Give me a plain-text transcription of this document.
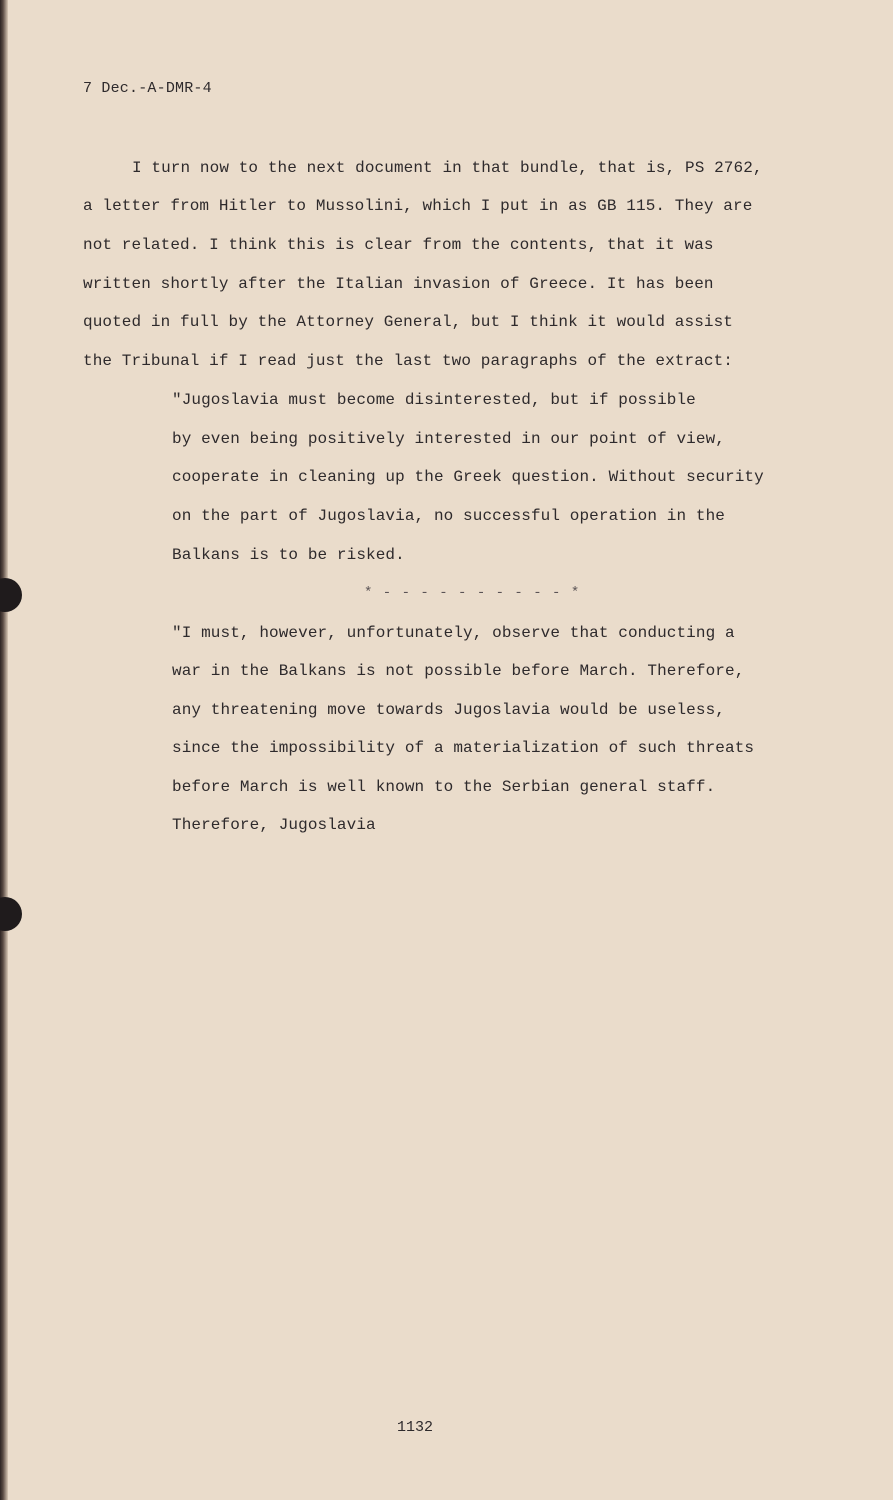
7 Dec.-A-DMR-4
I turn now to the next document in that bundle, that is, PS 2762,
a letter from Hitler to Mussolini, which I put in as GB 115. They are
not related. I think this is clear from the contents, that it was
written shortly after the Italian invasion of Greece. It has been
quoted in full by the Attorney General, but I think it would assist
the Tribunal if I read just the last two paragraphs of the extract:
"Jugoslavia must become disinterested, but if possible
by even being positively interested in our point of view,
cooperate in cleaning up the Greek question. Without security
on the part of Jugoslavia, no successful operation in the
Balkans is to be risked.
* - - - - - - - - - - *
"I must, however, unfortunately, observe that conducting a
war in the Balkans is not possible before March. Therefore,
any threatening move towards Jugoslavia would be useless,
since the impossibility of a materialization of such threats
before March is well known to the Serbian general staff.
Therefore, Jugoslavia
1132
